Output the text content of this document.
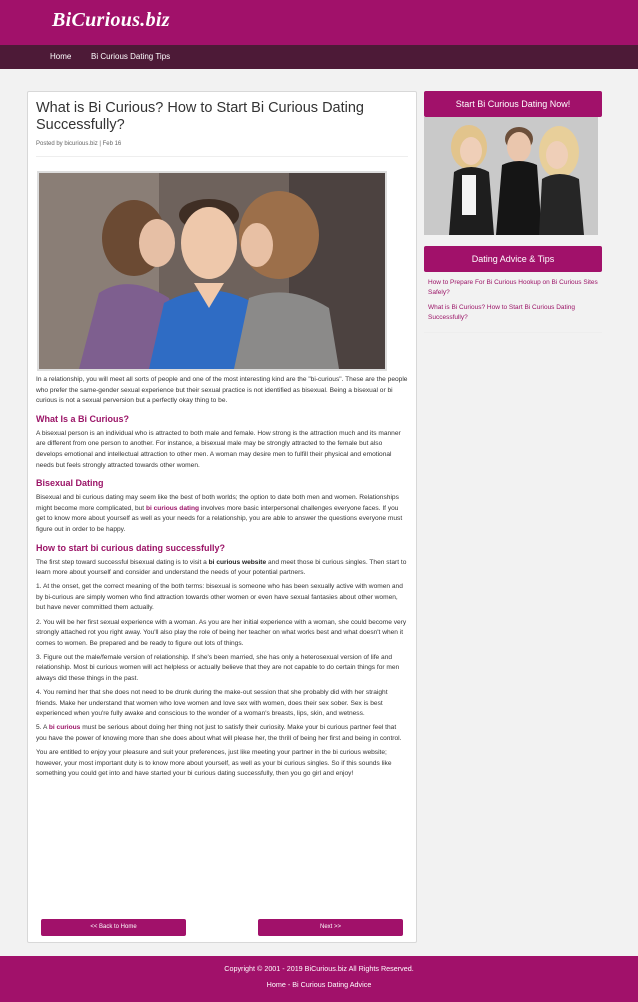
BiCurious.biz
Home Bi Curious Dating Tips
What is Bi Curious? How to Start Bi Curious Dating Successfully?
Posted by bicurious.biz | Feb 16

In a relationship, you will meet all sorts of people and one of the most interesting kind are the "bi-curious". These are the people who prefer the same-gender sexual experience but their sexual practice is not identified as bisexual. Being a bisexual or bi curious is not a sexual perversion but a perfectly okay thing to be.

What Is a Bi Curious?

A bisexual person is an individual who is attracted to both male and female. How strong is the attraction much and its manner are different from one person to another. For instance, a bisexual male may be strongly attracted to the female but also develops emotional and intellectual attraction to other men. A woman may desire men to fulfill their physical and emotional needs but feels strongly attracted towards other women.

Bisexual Dating

Bisexual and bi curious dating may seem like the best of both worlds; the option to date both men and women. Relationships might become more complicated, but bi curious dating involves more basic interpersonal challenges everyone faces. If you get to know more about yourself as well as your needs for a relationship, you are able to answer the questions everyone must figure out in order to be happy.

How to start bi curious dating successfully?

The first step toward successful bisexual dating is to visit a bi curious website and meet those bi curious singles. Then start to learn more about yourself and consider and understand the needs of your potential partners.

1. At the onset, get the correct meaning of the both terms: bisexual is someone who has been sexually active with women and by bi-curious are simply women who find attraction towards other women or even have sexual fantasies about other women, but have never committed them actually.

2. You will be her first sexual experience with a woman. As you are her initial experience with a woman, she could become very strongly attached rot you right away. You'll also play the role of being her teacher on what works best and what doesn't when it comes to women. Be prepared and be ready to figure out lots of things.

3. Figure out the male/female version of relationship. If she's been married, she has only a heterosexual version of life and relationship. Most bi curious women will act helpless or actually believe that they are not capable to do certain things for men always did these things in the past.

4. You remind her that she does not need to be drunk during the make-out session that she probably did with her straight friends. Make her understand that women who love women and love sex with women, does their sex sober. Sex is best experienced when you're fully awake and conscious to the wonder of a woman's breasts, lips, skin, and wetness.

5. A bi curious must be serious about doing her thing not just to satisfy their curiosity. Make your bi curious partner feel that you have the power of knowing more than she does about what will please her, the thrill of being her first and being in control.

You are entitled to enjoy your pleasure and suit your preferences, just like meeting your partner in the bi curious website; however, your most important duty is to know more about yourself, as well as your bi curious singles. So if this sounds like something you could get into and have started your bi curious dating successfully, then you go girl and enjoy!

<< Back to Home	Next >>
Start Bi Curious Dating Now!
Dating Advice & Tips
How to Prepare For Bi Curious Hookup on Bi Curious Sites Safely?
What is Bi Curious? How to Start Bi Curious Dating Successfully?
Copyright © 2001 - 2019 BiCurious.biz All Rights Reserved.
Home - Bi Curious Dating Advice
